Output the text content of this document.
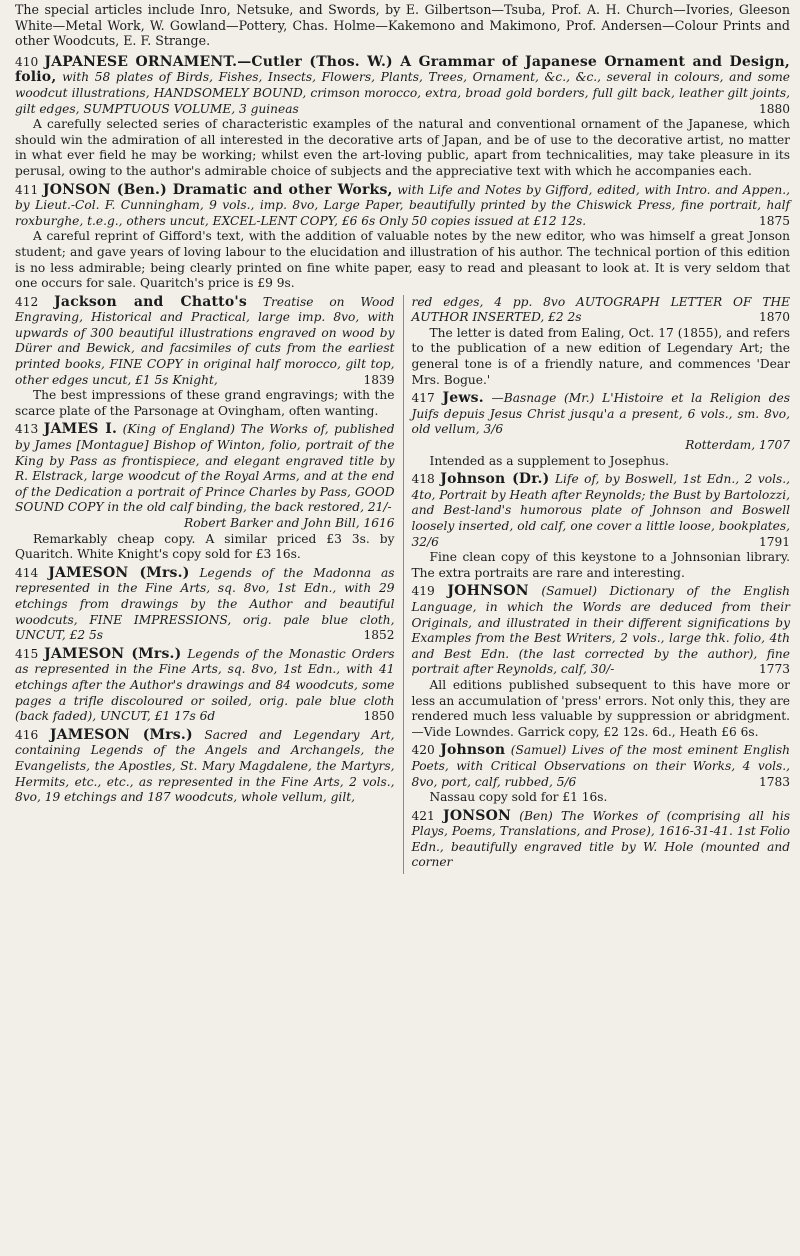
The special articles include Inro, Netsuke, and Swords, by E. Gilbertson—Tsuba, Prof. A. H. Church—Ivories, Gleeson White—Metal Work, W. Gowland—Pottery, Chas. Holme—Kakemono and Makimono, Prof. Andersen—Colour Prints and other Woodcuts, E. F. Strange.

410 JAPANESE ORNAMENT.—Cutler (Thos. W.) A Grammar of Japanese Ornament and Design, folio, with 58 plates of Birds, Fishes, Insects, Flowers, Plants, Trees, Ornament, &c., &c., several in colours, and some woodcut illustrations, HANDSOMELY BOUND, crimson morocco, extra, broad gold borders, full gilt back, leather gilt joints, gilt edges, SUMPTUOUS VOLUME, 3 guineas	1880
A carefully selected series of characteristic examples of the natural and conventional ornament of the Japanese, which should win the admiration of all interested in the decorative arts of Japan, and be of use to the decorative artist, no matter in what ever field he may be working; whilst even the art-loving public, apart from technicalities, may take pleasure in its perusal, owing to the author's admirable choice of subjects and the appreciative text with which he accompanies each.
411 JONSON (Ben.) Dramatic and other Works, with Life and Notes by Gifford, edited, with Intro. and Appen., by Lieut.-Col. F. Cunningham, 9 vols., imp. 8vo, Large Paper, beautifully printed by the Chiswick Press, fine portrait, half roxburghe, t.e.g., others uncut, EXCEL-LENT COPY, £6 6s Only 50 copies issued at £12 12s.	1875
A careful reprint of Gifford's text, with the addition of valuable notes by the new editor, who was himself a great Jonson student; and gave years of loving labour to the elucidation and illustration of his author. The technical portion of this edition is no less admirable; being clearly printed on fine white paper, easy to read and pleasant to look at. It is very seldom that one occurs for sale. Quaritch's price is £9 9s.
412 Jackson and Chatto's Treatise on Wood Engraving, Historical and Practical, large imp. 8vo, with upwards of 300 beautiful illustrations engraved on wood by Dürer and Bewick, and facsimiles of cuts from the earliest printed books, FINE COPY in original half morocco, gilt top, other edges uncut, £1 5s Knight,	1839
The best impressions of these grand engravings; with the scarce plate of the Parsonage at Ovingham, often wanting.
413 JAMES I. (King of England) The Works of, published by James [Montague] Bishop of Winton, folio, portrait of the King by Pass as frontispiece, and elegant engraved title by R. Elstrack, large woodcut of the Royal Arms, and at the end of the Dedication a portrait of Prince Charles by Pass, GOOD SOUND COPY in the old calf binding, the back restored, 21/-
Robert Barker and John Bill, 1616
Remarkably cheap copy. A similar priced £3 3s. by Quaritch. White Knight's copy sold for £3 16s.
414 JAMESON (Mrs.) Legends of the Madonna as represented in the Fine Arts, sq. 8vo, 1st Edn., with 29 etchings from drawings by the Author and beautiful woodcuts, FINE IMPRESSIONS, orig. pale blue cloth, UNCUT, £2 5s	1852
415 JAMESON (Mrs.) Legends of the Monastic Orders as represented in the Fine Arts, sq. 8vo, 1st Edn., with 41 etchings after the Author's drawings and 84 woodcuts, some pages a trifle discoloured or soiled, orig. pale blue cloth (back faded), UNCUT, £1 17s 6d	1850
416 JAMESON (Mrs.) Sacred and Legendary Art, containing Legends of the Angels and Archangels, the Evangelists, the Apostles, St. Mary Magdalene, the Martyrs, Hermits, etc., etc., as represented in the Fine Arts, 2 vols., 8vo, 19 etchings and 187 woodcuts, whole vellum, gilt,
red edges, 4 pp. 8vo AUTOGRAPH LETTER OF THE AUTHOR INSERTED, £2 2s	1870
The letter is dated from Ealing, Oct. 17 (1855), and refers to the publication of a new edition of Legendary Art; the general tone is of a friendly nature, and commences 'Dear Mrs. Bogue.'
417 Jews. —Basnage (Mr.) L'Histoire et la Religion des Juifs depuis Jesus Christ jusqu'a a present, 6 vols., sm. 8vo, old vellum, 3/6
Rotterdam, 1707
Intended as a supplement to Josephus.
418 Johnson (Dr.) Life of, by Boswell, 1st Edn., 2 vols., 4to, Portrait by Heath after Reynolds; the Bust by Bartolozzi, and Best-land's humorous plate of Johnson and Boswell loosely inserted, old calf, one cover a little loose, bookplates, 32/6	1791
Fine clean copy of this keystone to a Johnsonian library. The extra portraits are rare and interesting.
419 JOHNSON (Samuel) Dictionary of the English Language, in which the Words are deduced from their Originals, and illustrated in their different significations by Examples from the Best Writers, 2 vols., large thk. folio, 4th and Best Edn. (the last corrected by the author), fine portrait after Reynolds, calf, 30/-	1773
All editions published subsequent to this have more or less an accumulation of 'press' errors. Not only this, they are rendered much less valuable by suppression or abridgment.—Vide Lowndes. Garrick copy, £2 12s. 6d., Heath £6 6s.
420 Johnson (Samuel) Lives of the most eminent English Poets, with Critical Observations on their Works, 4 vols., 8vo, port, calf, rubbed, 5/6	1783
Nassau copy sold for £1 16s.
421 JONSON (Ben) The Workes of (comprising all his Plays, Poems, Translations, and Prose), 1616-31-41. 1st Folio Edn., beautifully engraved title by W. Hole (mounted and corner
